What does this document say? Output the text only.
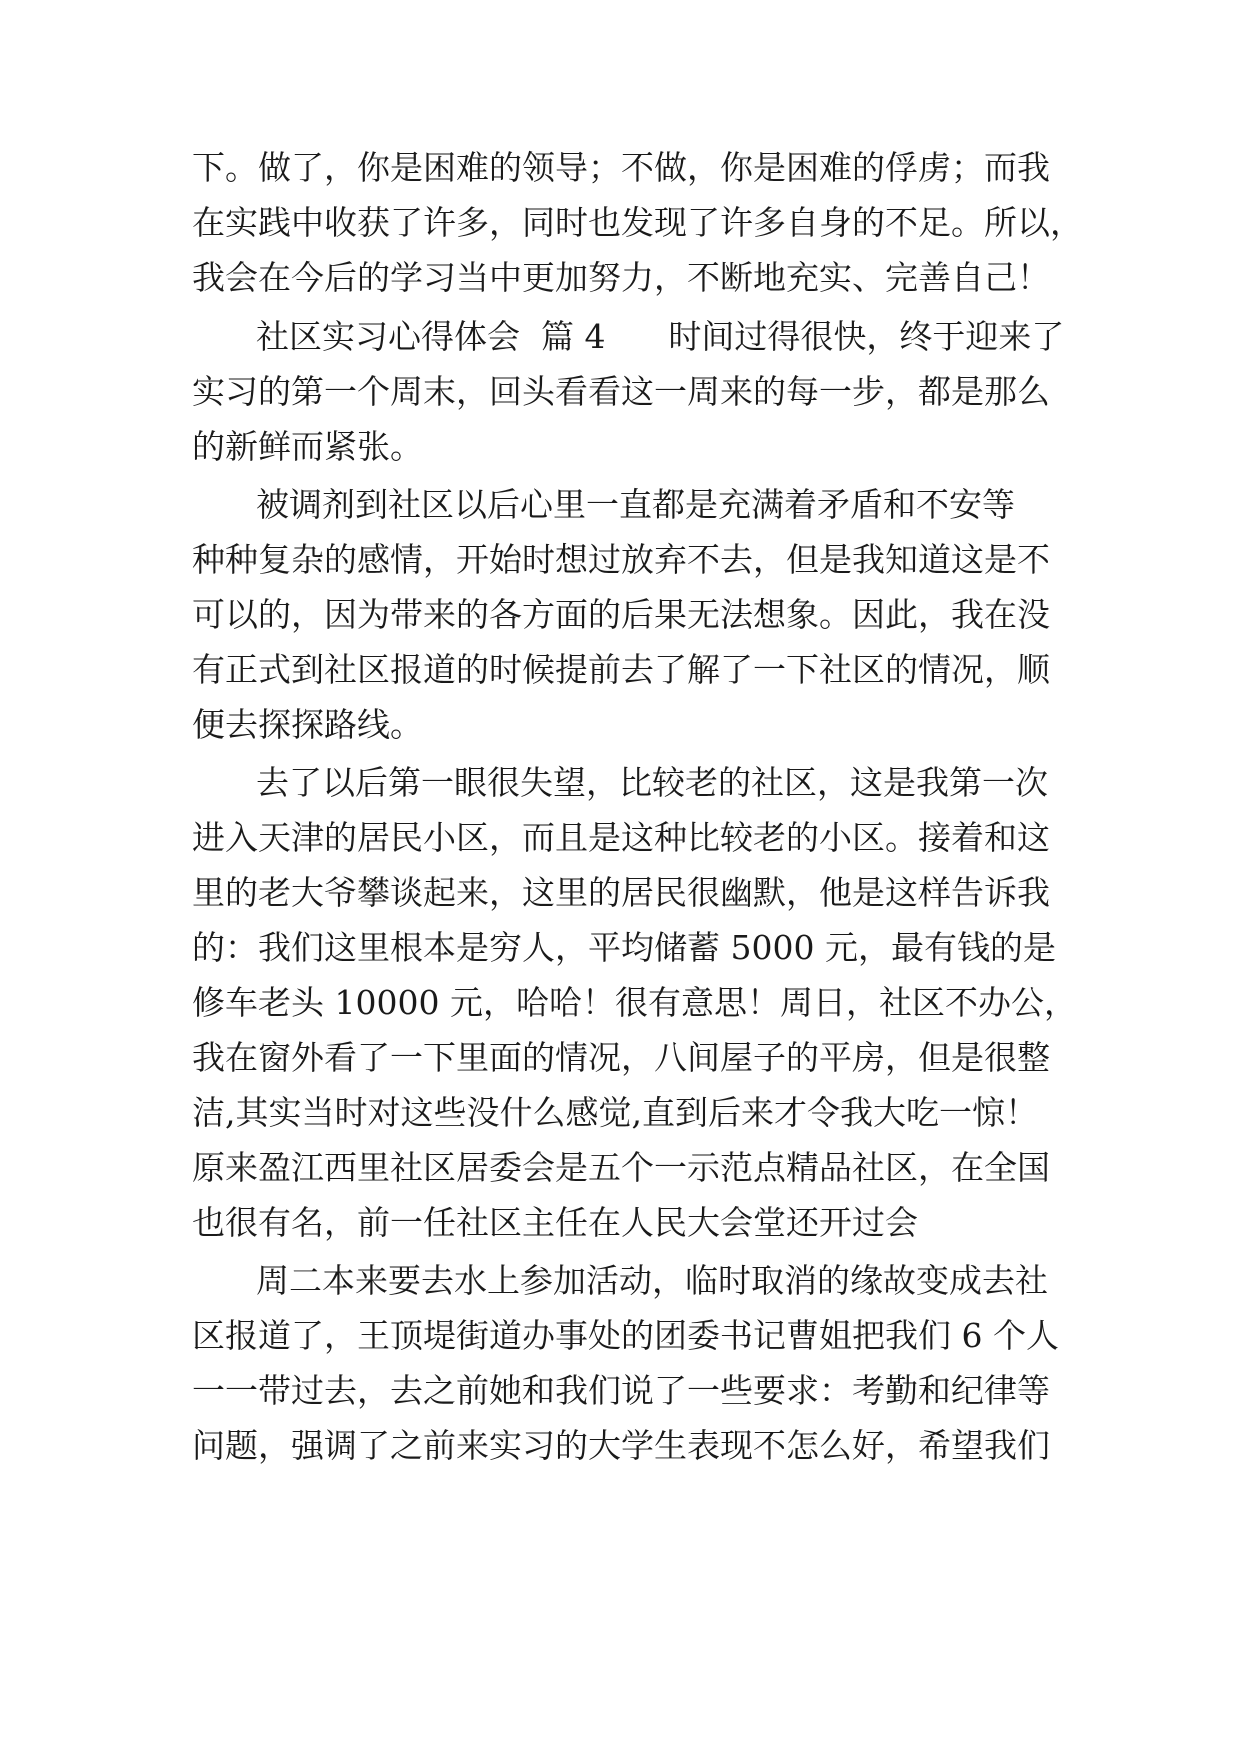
下。做了，你是困难的领导；不做，你是困难的俘虏；而我
在实践中收获了许多，同时也发现了许多自身的不足。所以，
我会在今后的学习当中更加努力，不断地充实、完善自己！
社区实习心得体会  篇 4      时间过得很快，终于迎来了
实习的第一个周末，回头看看这一周来的每一步，都是那么
的新鲜而紧张。
被调剂到社区以后心里一直都是充满着矛盾和不安等
种种复杂的感情，开始时想过放弃不去，但是我知道这是不
可以的，因为带来的各方面的后果无法想象。因此，我在没
有正式到社区报道的时候提前去了解了一下社区的情况，顺
便去探探路线。
去了以后第一眼很失望，比较老的社区，这是我第一次
进入天津的居民小区，而且是这种比较老的小区。接着和这
里的老大爷攀谈起来，这里的居民很幽默，他是这样告诉我
的：我们这里根本是穷人，平均储蓄 5000 元，最有钱的是
修车老头 10000 元，哈哈！很有意思！周日，社区不办公，
我在窗外看了一下里面的情况，八间屋子的平房，但是很整
洁,其实当时对这些没什么感觉,直到后来才令我大吃一惊！
原来盈江西里社区居委会是五个一示范点精品社区，在全国
也很有名，前一任社区主任在人民大会堂还开过会
周二本来要去水上参加活动，临时取消的缘故变成去社
区报道了，王顶堤街道办事处的团委书记曹姐把我们 6 个人
一一带过去，去之前她和我们说了一些要求：考勤和纪律等
问题，强调了之前来实习的大学生表现不怎么好，希望我们
